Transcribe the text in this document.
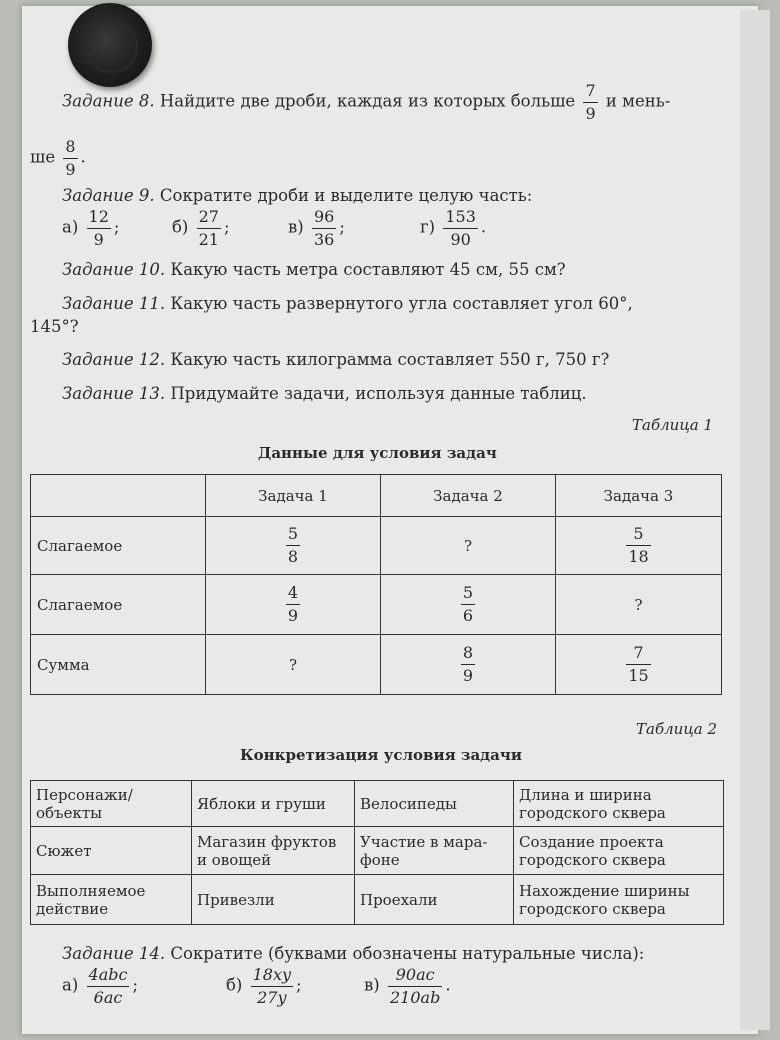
Задание 8. Найдите две дроби, каждая из которых больше $\frac{7}{9}$ и мень-
ше $\frac{8}{9}$ .
Задание 9. Сократите дроби и выделите целую часть:
$а) \frac{12}{9}$ ;	$б) \frac{27}{21}$ ;	$в) \frac{96}{36}$ ;	$г) \frac{153}{90}$ .
Задание 10. Какую часть метра составляют 45 см, 55 см?
Задание 11. Какую часть развернутого угла составляет угол 60°,
145°?
Задание 12. Какую часть килограмма составляет 550 г, 750 г?
Задание 13. Придумайте задачи, используя данные таблиц.
Таблица 1
Данные для условия задач
	Задача 1	Задача 2	Задача 3
Слагаемое	$\frac{5}{8}$	?	$\frac{5}{18}$

Слагаемое	$\frac{4}{9}$	$\frac{5}{6}$	?
Сумма	?	$\frac{8}{9}$	$\frac{7}{15}$
Таблица 2
Конкретизация условия задачи
Персонажи/ объекты	Яблоки и груши	Велосипеды	Длина и ширина городского сквера
Сюжет	Магазин фруктов и овощей	Участие в мара- фоне	Создание проекта городского сквера
Выполняемое действие	Привезли	Проехали	Нахождение ширины городского сквера
Задание 14. Сократите (буквами обозначены натуральные числа):
$а) \frac{\text{4abc}}{6ac}$ ;	$б) \frac{18xy}{27y}$ ;	$в) \frac{90ac}{210ab}$ .
